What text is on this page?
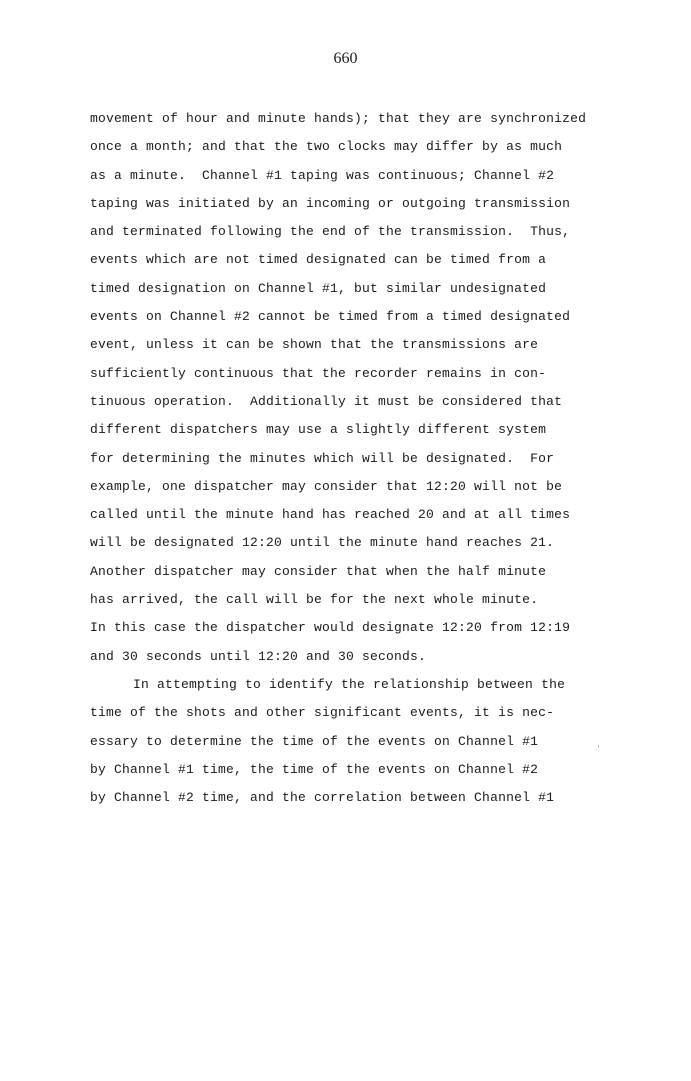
660
movement of hour and minute hands); that they are synchronized
once a month; and that the two clocks may differ by as much
as a minute.  Channel #1 taping was continuous; Channel #2
taping was initiated by an incoming or outgoing transmission
and terminated following the end of the transmission.  Thus,
events which are not timed designated can be timed from a
timed designation on Channel #1, but similar undesignated
events on Channel #2 cannot be timed from a timed designated
event, unless it can be shown that the transmissions are
sufficiently continuous that the recorder remains in con-
tinuous operation.  Additionally it must be considered that
different dispatchers may use a slightly different system
for determining the minutes which will be designated.  For
example, one dispatcher may consider that 12:20 will not be
called until the minute hand has reached 20 and at all times
will be designated 12:20 until the minute hand reaches 21.
Another dispatcher may consider that when the half minute
has arrived, the call will be for the next whole minute.
In this case the dispatcher would designate 12:20 from 12:19
and 30 seconds until 12:20 and 30 seconds.
In attempting to identify the relationship between the
time of the shots and other significant events, it is nec-
essary to determine the time of the events on Channel #1
by Channel #1 time, the time of the events on Channel #2
by Channel #2 time, and the correlation between Channel #1
